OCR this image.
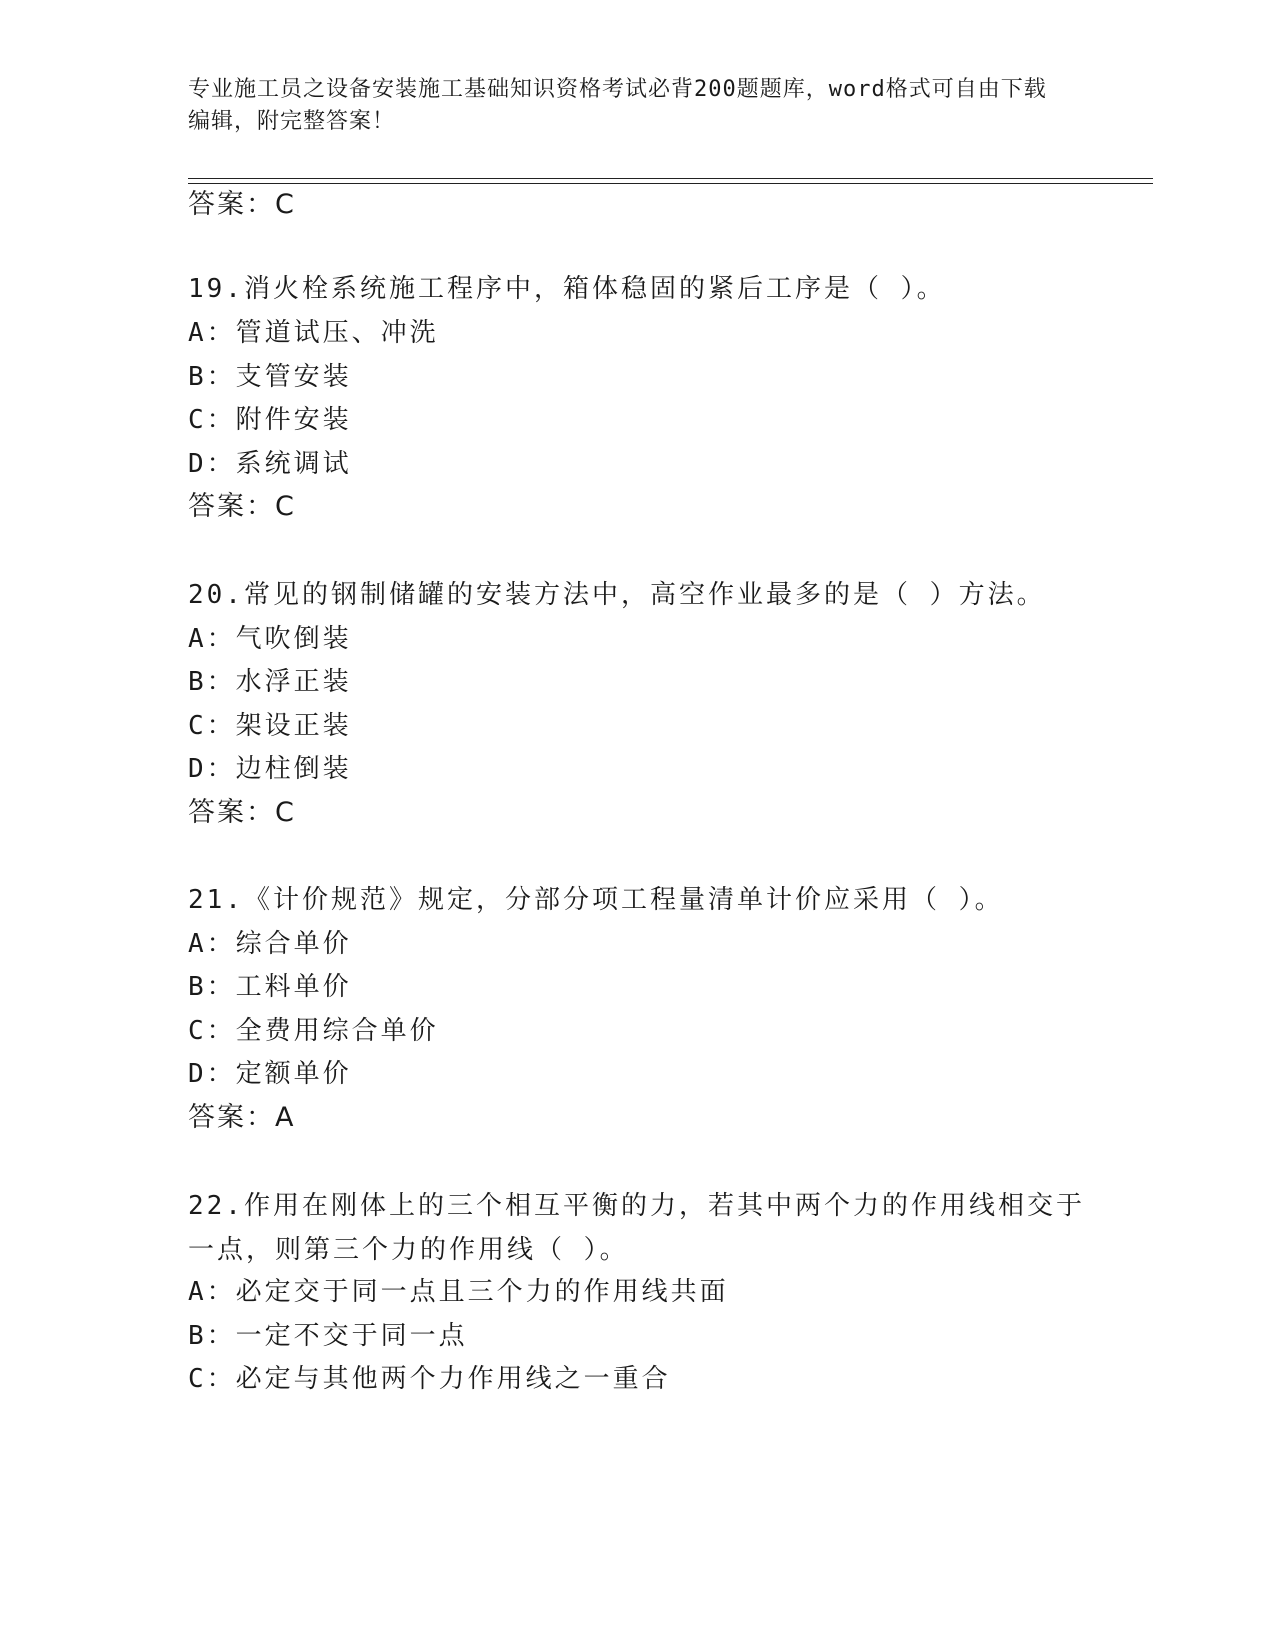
专业施工员之设备安装施工基础知识资格考试必背200题题库，word格式可自由下载编辑，附完整答案！
答案：C
19.消火栓系统施工程序中，箱体稳固的紧后工序是（ ）。
A：管道试压、冲洗
B：支管安装
C：附件安装
D：系统调试
答案：C
20.常见的钢制储罐的安装方法中，高空作业最多的是（ ）方法。
A：气吹倒装
B：水浮正装
C：架设正装
D：边柱倒装
答案：C
21.《计价规范》规定，分部分项工程量清单计价应采用（ ）。
A：综合单价
B：工料单价
C：全费用综合单价
D：定额单价
答案：A
22.作用在刚体上的三个相互平衡的力，若其中两个力的作用线相交于一点，则第三个力的作用线（ ）。
A：必定交于同一点且三个力的作用线共面
B：一定不交于同一点
C：必定与其他两个力作用线之一重合
